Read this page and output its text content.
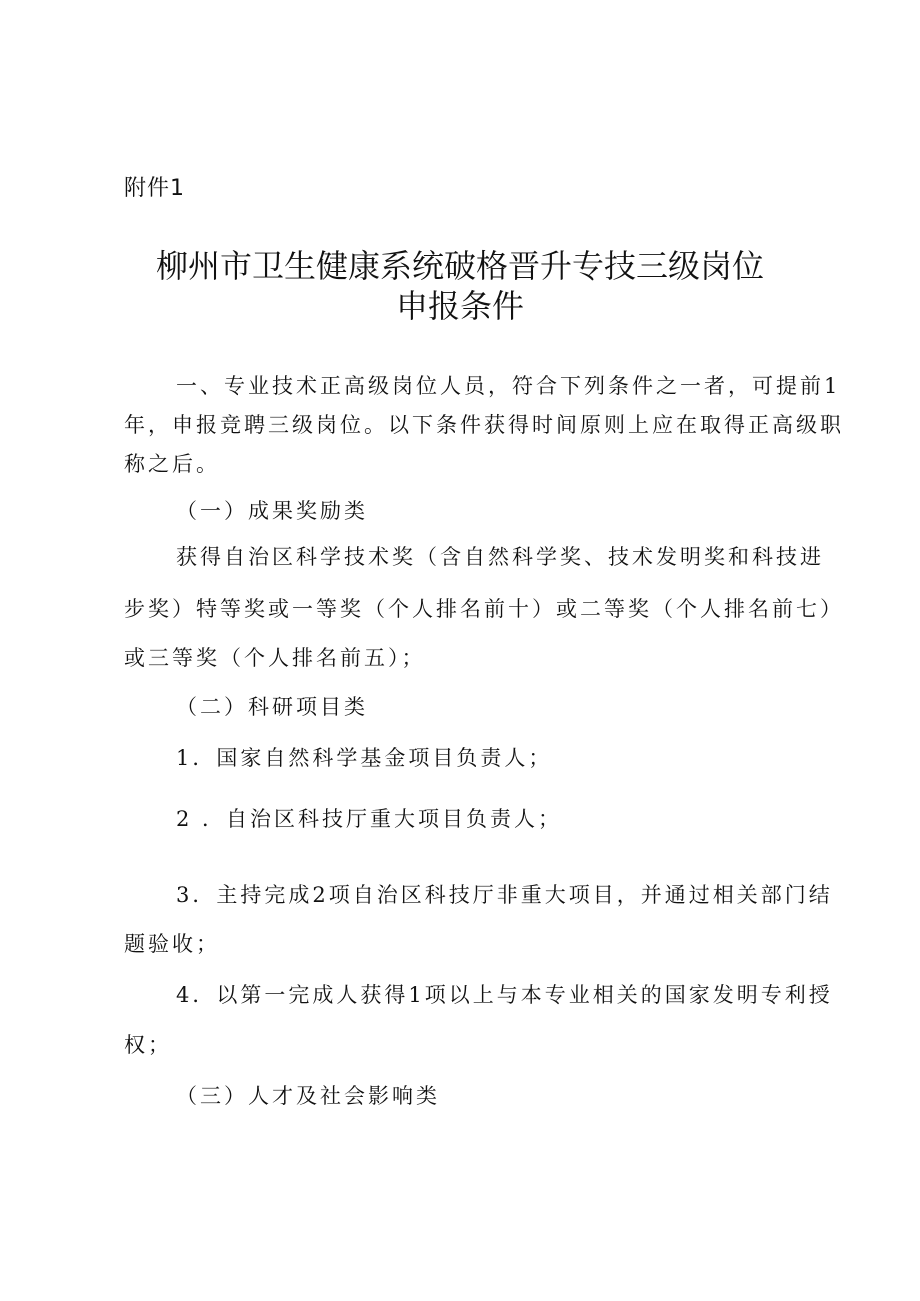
附件1
柳州市卫生健康系统破格晋升专技三级岗位
申报条件
一、专业技术正高级岗位人员，符合下列条件之一者，可提前1
年，申报竞聘三级岗位。以下条件获得时间原则上应在取得正高级职
称之后。
（一）成果奖励类
获得自治区科学技术奖（含自然科学奖、技术发明奖和科技进
步奖）特等奖或一等奖（个人排名前十）或二等奖（个人排名前七）
或三等奖（个人排名前五）；
（二）科研项目类
1．国家自然科学基金项目负责人；
2 ．自治区科技厅重大项目负责人；
3．主持完成2项自治区科技厅非重大项目，并通过相关部门结
题验收；
4．以第一完成人获得1项以上与本专业相关的国家发明专利授
权；
（三）人才及社会影响类
